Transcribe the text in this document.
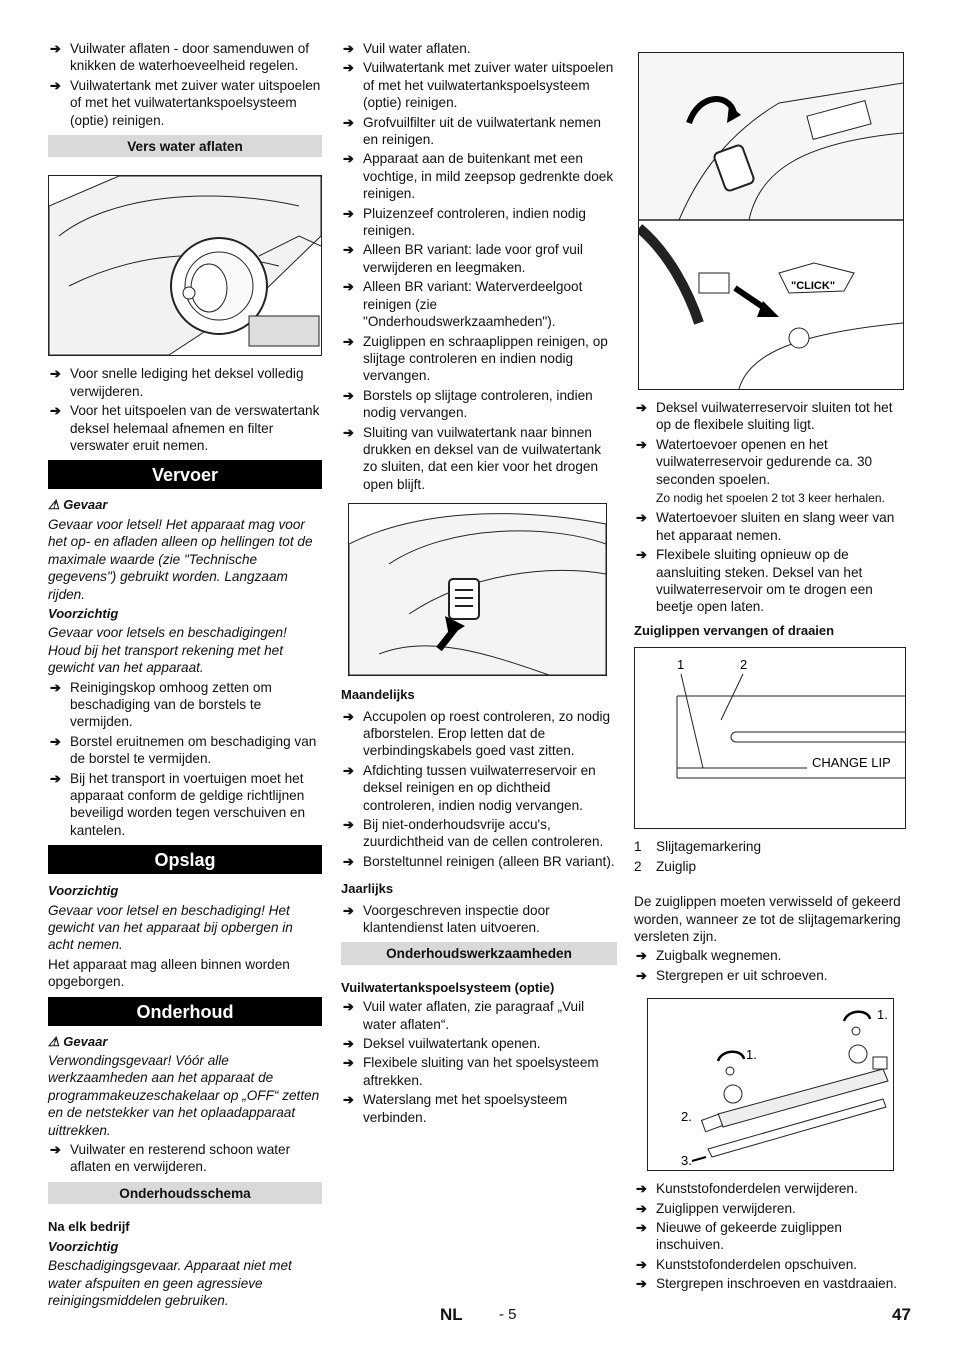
➔ Vuilwater aflaten - door samenduwen of knikken de waterhoeveelheid regelen.
➔ Vuilwatertank met zuiver water uitspoelen of met het vuilwatertankspoelsysteem (optie) reinigen.
Vers water aflaten
➔ Voor snelle lediging het deksel volledig verwijderen.
➔ Voor het uitspoelen van de verswatertank deksel helemaal afnemen en filter verswater eruit nemen.
Vervoer
⚠ Gevaar
Gevaar voor letsel! Het apparaat mag voor het op- en afladen alleen op hellingen tot de maximale waarde (zie "Technische gegevens") gebruikt worden. Langzaam rijden.
Voorzichtig
Gevaar voor letsels en beschadigingen! Houd bij het transport rekening met het gewicht van het apparaat.
➔ Reinigingskop omhoog zetten om beschadiging van de borstels te vermijden.
➔ Borstel eruitnemen om beschadiging van de borstel te vermijden.
➔ Bij het transport in voertuigen moet het apparaat conform de geldige richtlijnen beveiligd worden tegen verschuiven en kantelen.
Opslag
Voorzichtig
Gevaar voor letsel en beschadiging! Het gewicht van het apparaat bij opbergen in acht nemen.
Het apparaat mag alleen binnen worden opgeborgen.
Onderhoud
⚠ Gevaar
Verwondingsgevaar! Vóór alle werkzaamheden aan het apparaat de programmakeuzeschakelaar op „OFF“ zetten en de netstekker van het oplaadapparaat uittrekken.
➔ Vuilwater en resterend schoon water aflaten en verwijderen.
Onderhoudsschema
Na elk bedrijf
Voorzichtig
Beschadigingsgevaar. Apparaat niet met water afspuiten en geen agressieve reinigingsmiddelen gebruiken.
➔ Vuil water aflaten.
➔ Vuilwatertank met zuiver water uitspoelen of met het vuilwatertankspoelsysteem (optie) reinigen.
➔ Grofvuilfilter uit de vuilwatertank nemen en reinigen.
➔ Apparaat aan de buitenkant met een vochtige, in mild zeepsop gedrenkte doek reinigen.
➔ Pluizenzeef controleren, indien nodig reinigen.
➔ Alleen BR variant: lade voor grof vuil verwijderen en leegmaken.
➔ Alleen BR variant: Waterverdeelgoot reinigen (zie "Onderhoudswerkzaamheden").
➔ Zuiglippen en schraaplippen reinigen, op slijtage controleren en indien nodig vervangen.
➔ Borstels op slijtage controleren, indien nodig vervangen.
➔ Sluiting van vuilwatertank naar binnen drukken en deksel van de vuilwatertank zo sluiten, dat een kier voor het drogen open blijft.
Maandelijks
➔ Accupolen op roest controleren, zo nodig afborstelen. Erop letten dat de verbindingskabels goed vast zitten.
➔ Afdichting tussen vuilwaterreservoir en deksel reinigen en op dichtheid controleren, indien nodig vervangen.
➔ Bij niet-onderhoudsvrije accu's, zuurdichtheid van de cellen controleren.
➔ Borsteltunnel reinigen (alleen BR variant).
Jaarlijks
➔ Voorgeschreven inspectie door klantendienst laten uitvoeren.
Onderhoudswerkzaamheden
Vuilwatertankspoelsysteem (optie)
➔ Vuil water aflaten, zie paragraaf „Vuil water aflaten“.
➔ Deksel vuilwatertank openen.
➔ Flexibele sluiting van het spoelsysteem aftrekken.
➔ Waterslang met het spoelsysteem verbinden.
"CLICK"
➔ Deksel vuilwaterreservoir sluiten tot het op de flexibele sluiting ligt.
➔ Watertoevoer openen en het vuilwaterreservoir gedurende ca. 30 seconden spoelen.
Zo nodig het spoelen 2 tot 3 keer herhalen.
➔ Watertoevoer sluiten en slang weer van het apparaat nemen.
➔ Flexibele sluiting opnieuw op de aansluiting steken. Deksel van het vuilwaterreservoir om te drogen een beetje open laten.
Zuiglippen vervangen of draaien
1	2
CHANGE LIP
1 Slijtagemarkering
2 Zuiglip
De zuiglippen moeten verwisseld of gekeerd worden, wanneer ze tot de slijtagemarkering versleten zijn.
➔ Zuigbalk wegnemen.
➔ Stergrepen er uit schroeven.
1.
1.
2.
3.
➔ Kunststofonderdelen verwijderen.
➔ Zuiglippen verwijderen.
➔ Nieuwe of gekeerde zuiglippen inschuiven.
➔ Kunststofonderdelen opschuiven.
➔ Stergrepen inschroeven en vastdraaien.
NL - 5	47
